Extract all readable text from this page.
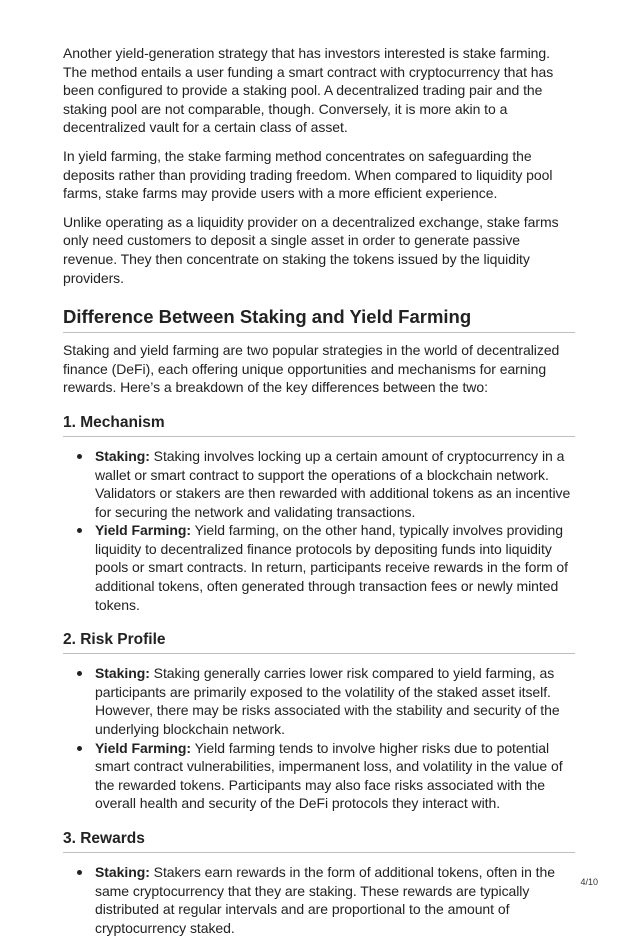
Another yield-generation strategy that has investors interested is stake farming. The method entails a user funding a smart contract with cryptocurrency that has been configured to provide a staking pool. A decentralized trading pair and the staking pool are not comparable, though. Conversely, it is more akin to a decentralized vault for a certain class of asset.

In yield farming, the stake farming method concentrates on safeguarding the deposits rather than providing trading freedom. When compared to liquidity pool farms, stake farms may provide users with a more efficient experience.

Unlike operating as a liquidity provider on a decentralized exchange, stake farms only need customers to deposit a single asset in order to generate passive revenue. They then concentrate on staking the tokens issued by the liquidity providers.

Difference Between Staking and Yield Farming

Staking and yield farming are two popular strategies in the world of decentralized finance (DeFi), each offering unique opportunities and mechanisms for earning rewards. Here’s a breakdown of the key differences between the two:

1. Mechanism
Staking: Staking involves locking up a certain amount of cryptocurrency in a wallet or smart contract to support the operations of a blockchain network. Validators or stakers are then rewarded with additional tokens as an incentive for securing the network and validating transactions.
Yield Farming: Yield farming, on the other hand, typically involves providing liquidity to decentralized finance protocols by depositing funds into liquidity pools or smart contracts. In return, participants receive rewards in the form of additional tokens, often generated through transaction fees or newly minted tokens.
2. Risk Profile
Staking: Staking generally carries lower risk compared to yield farming, as participants are primarily exposed to the volatility of the staked asset itself. However, there may be risks associated with the stability and security of the underlying blockchain network.
Yield Farming: Yield farming tends to involve higher risks due to potential smart contract vulnerabilities, impermanent loss, and volatility in the value of the rewarded tokens. Participants may also face risks associated with the overall health and security of the DeFi protocols they interact with.
3. Rewards
Staking: Stakers earn rewards in the form of additional tokens, often in the same cryptocurrency that they are staking. These rewards are typically distributed at regular intervals and are proportional to the amount of cryptocurrency staked.
4/10
